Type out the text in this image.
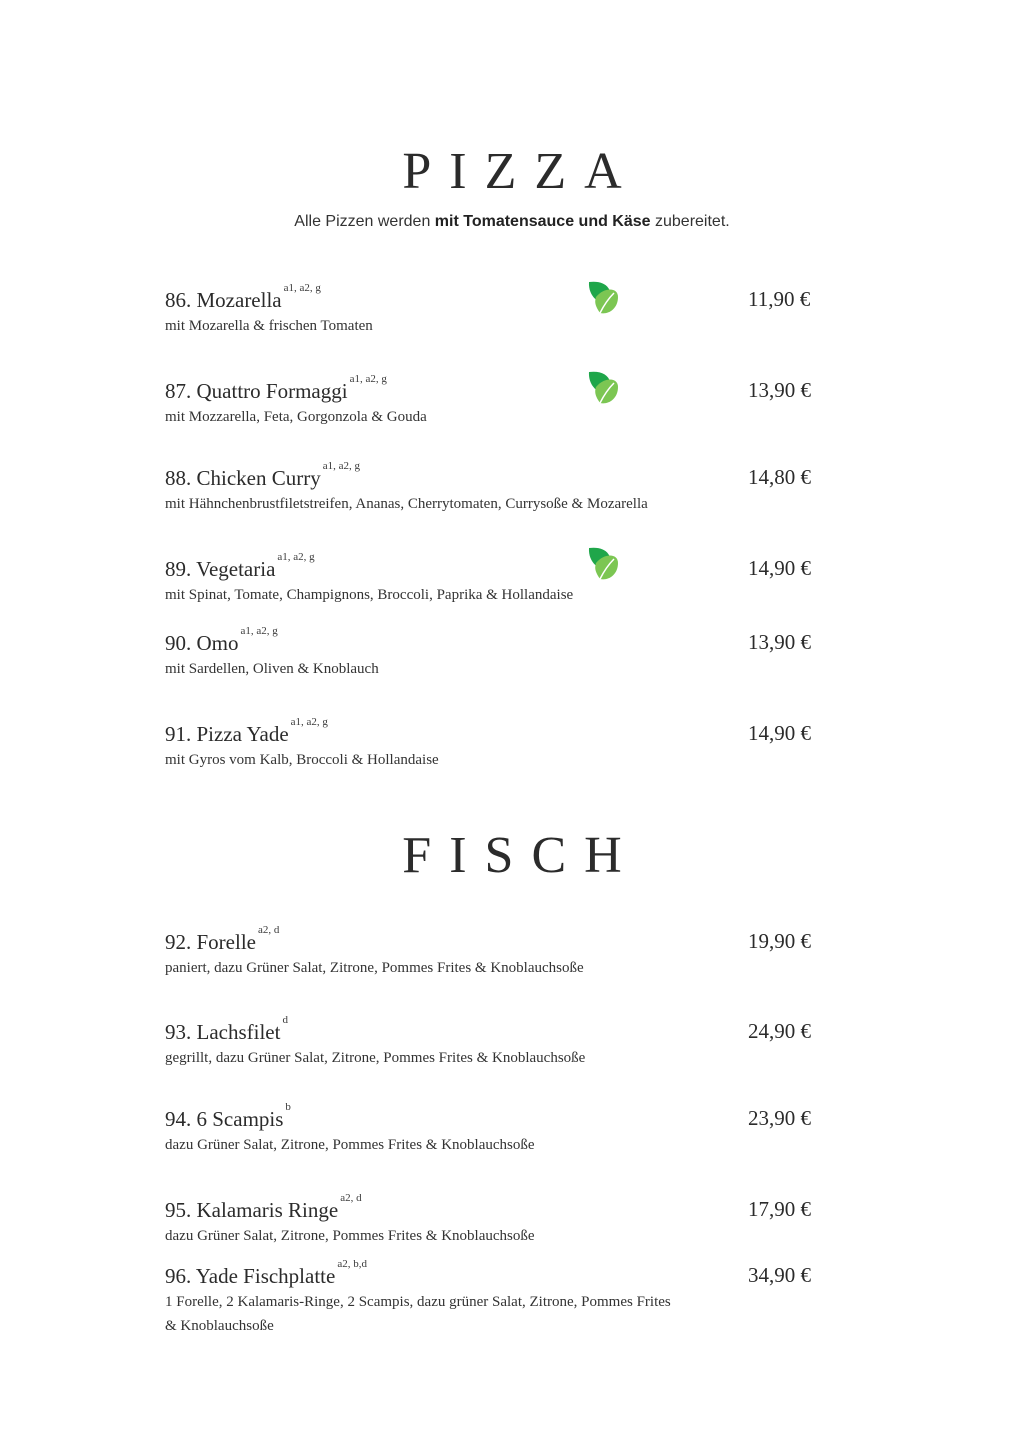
PIZZA
Alle Pizzen werden mit Tomatensauce und Käse zubereitet.
86. Mozarella $^{a1, a2, g}$
mit Mozarella & frischen Tomaten
11,90 €
87. Quattro Formaggi $^{a1, a2, g}$
mit Mozzarella, Feta, Gorgonzola & Gouda
13,90 €
88. Chicken Curry $^{a1, a2, g}$
mit Hähnchenbrustfiletstreifen, Ananas, Cherrytomaten, Currysoße & Mozarella
14,80 €
89. Vegetaria $^{a1, a2, g}$
mit Spinat, Tomate, Champignons, Broccoli, Paprika & Hollandaise
14,90 €
90. Omo $^{a1, a2, g}$
mit Sardellen, Oliven & Knoblauch
13,90 €
91. Pizza Yade $^{a1, a2, g}$
mit Gyros vom Kalb, Broccoli & Hollandaise
14,90 €
FISCH
92. Forelle $^{a2, d}$
paniert, dazu Grüner Salat, Zitrone, Pommes Frites & Knoblauchsoße
19,90 €
93. Lachsfilet $^d$
gegrillt, dazu Grüner Salat, Zitrone, Pommes Frites & Knoblauchsoße
24,90 €
94. 6 Scampis $^b$
dazu Grüner Salat, Zitrone, Pommes Frites & Knoblauchsoße
23,90 €
95. Kalamaris Ringe $^{a2, d}$
dazu Grüner Salat, Zitrone, Pommes Frites & Knoblauchsoße
17,90 €
96. Yade Fischplatte $^{a2, b,d}$
1 Forelle, 2 Kalamaris-Ringe, 2 Scampis, dazu grüner Salat, Zitrone, Pommes Frites & Knoblauchsoße
34,90 €
